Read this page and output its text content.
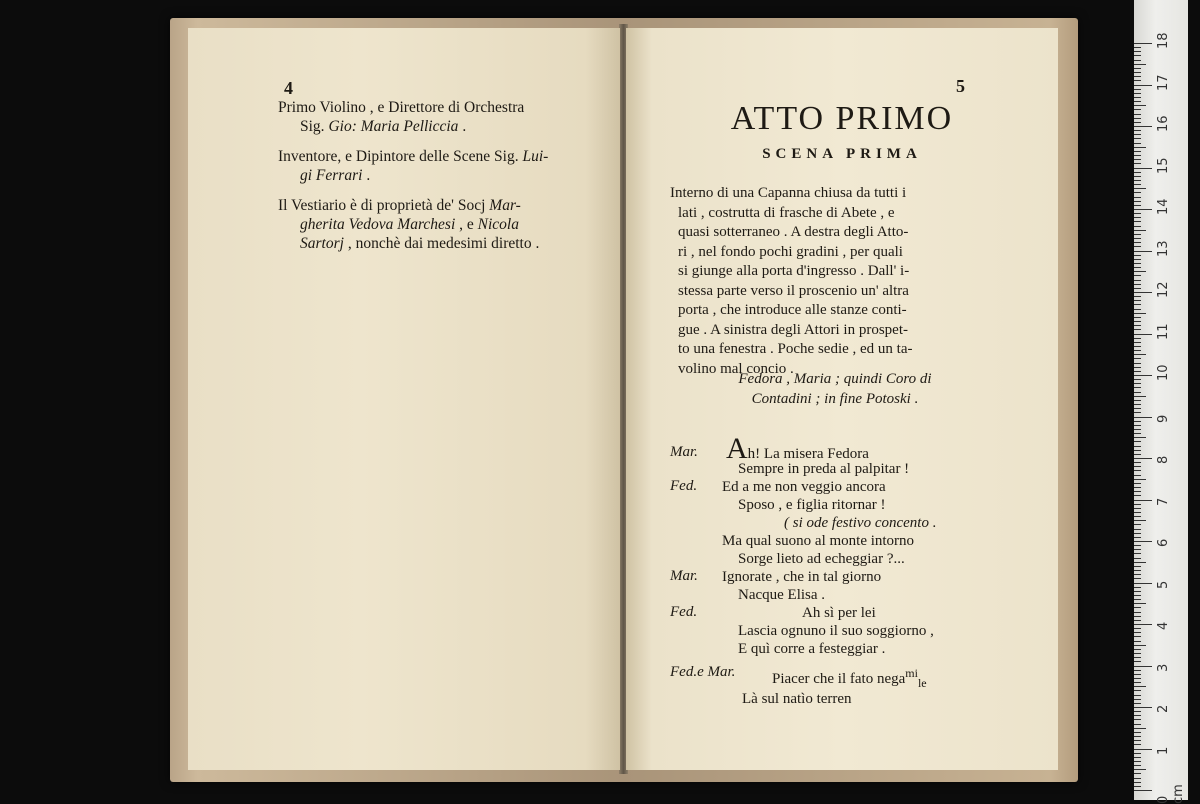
4

Primo Violino , e Direttore di Orchestra
Sig. Gio: Maria Pelliccia .

Inventore, e Dipintore delle Scene Sig. Lui-
gi Ferrari .

Il Vestiario è di proprietà de' Socj Mar-
gherita Vedova Marchesi , e Nicola
Sartorj , nonchè dai medesimi diretto .

5
ATTO PRIMO
SCENA PRIMA
Interno di una Capanna chiusa da tutti i
lati , costrutta di frasche di Abete , e
quasi sotterraneo . A destra degli Atto-
ri , nel fondo pochi gradini , per quali
si giunge alla porta d'ingresso . Dall' i-
stessa parte verso il proscenio un' altra
porta , che introduce alle stanze conti-
gue . A sinistra degli Attori in prospet-
to una fenestra . Poche sedie , ed un ta-
volino mal concio .
Fedora , Maria ; quindi Coro di
Contadini ; in fine Potoski .
Mar. Ah! La misera Fedora
Sempre in preda al palpitar !
Fed. Ed a me non veggio ancora
Sposo , e figlia ritornar !
( si ode festivo concento .
Ma qual suono al monte intorno
Sorge lieto ad echeggiar ?...
Mar. Ignorate , che in tal giorno
Nacque Elisa .
Fed.	Ah sì per lei
Lascia ognuno il suo soggiorno ,
E quì corre a festeggiar .
Fed.e Mar. Piacer che il fato nega$^{mi}_{le}$
Là sul natìo terren
0 cm
1
2
3
4
5
6
7
8
9
10
11
12
13
14
15
16
17
18
